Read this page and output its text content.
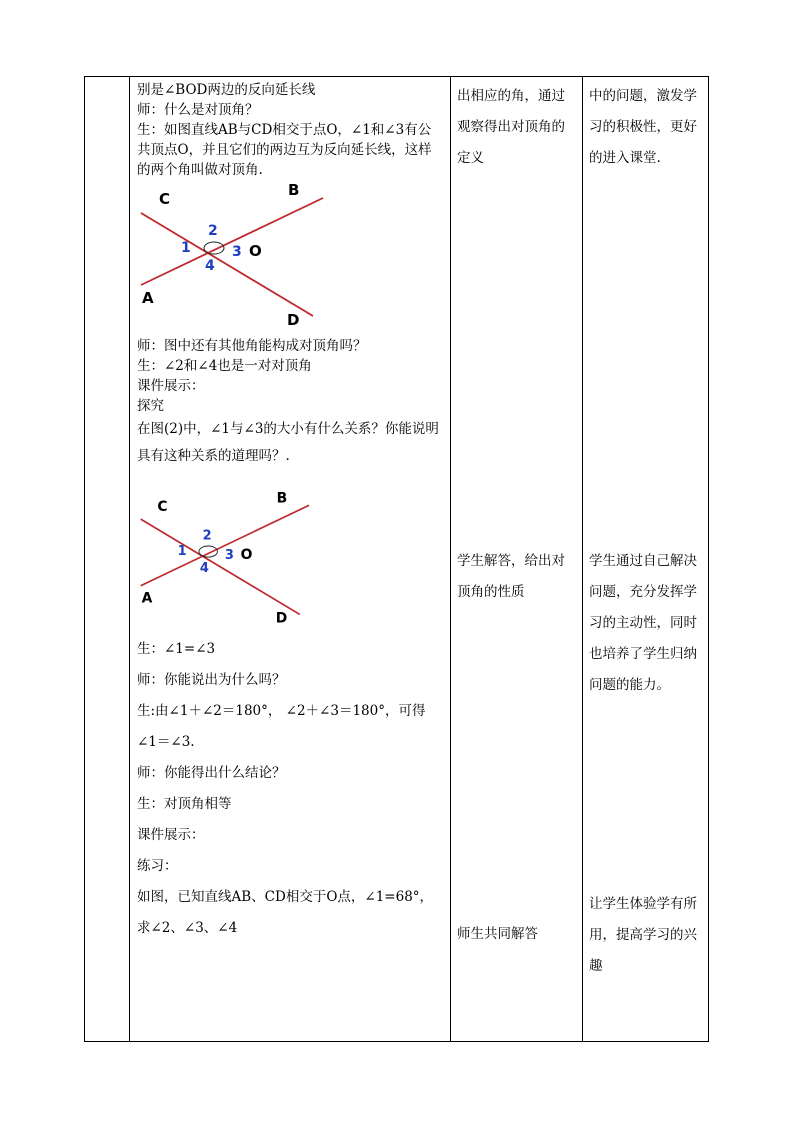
别是∠BOD两边的反向延长线
师：什么是对顶角？
生：如图直线AB与CD相交于点O，∠1和∠3有公共顶点O，并且它们的两边互为反向延长线，这样的两个角叫做对顶角.
C	B
O
A
D
1
2
3
4
师：图中还有其他角能构成对顶角吗？
生：∠2和∠4也是一对对顶角
课件展示：
探究
在图(2)中，∠1与∠3的大小有什么关系？你能说明具有这种关系的道理吗？.
C
B
O
A
D
1
2
3
4
生：∠1=∠3
师：你能说出为什么吗？
生:由∠1＋∠2＝180°， ∠2＋∠3＝180°，可得∠1＝∠3.
师：你能得出什么结论？
生：对顶角相等
课件展示：
练习：
如图，已知直线AB、CD相交于O点，∠1=68°，求∠2、∠3、∠4
出相应的角，通过观察得出对顶角的定义
学生解答，给出对顶角的性质
师生共同解答
中的问题，激发学习的积极性，更好的进入课堂.
学生通过自己解决问题，充分发挥学习的主动性，同时也培养了学生归纳问题的能力。
让学生体验学有所用，提高学习的兴趣
